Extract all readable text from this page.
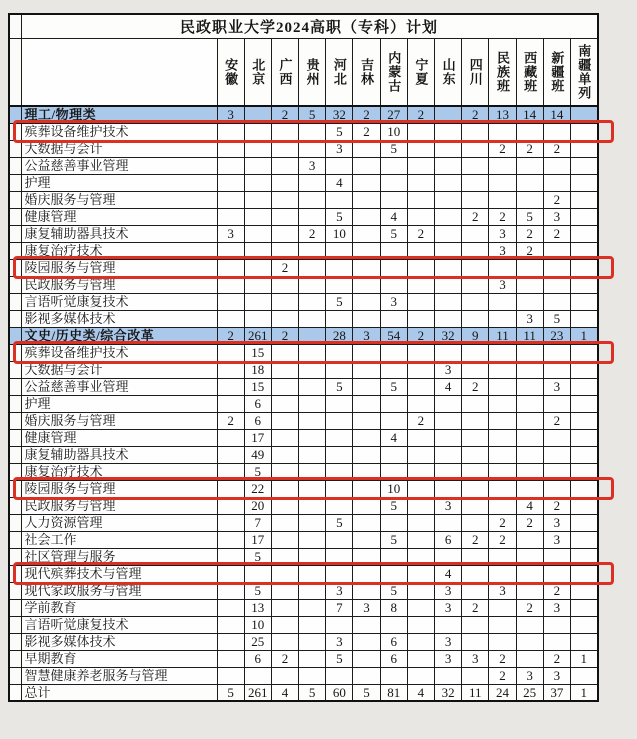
	民政职业大学2024高职（专科）计划														
		安徽	北京	广西	贵州	河北	吉林	内蒙古	宁夏	山东	四川	民族班	西藏班	新疆班	南疆单列
	理工/物理类	3		2	5	32	2	27	2		2	13	14	14	
	殡葬设备维护技术					5	2	10							
	大数据与会计					3		5				2	2	2	
	公益慈善事业管理				3										
	护理					4									
	婚庆服务与管理													2	
	健康管理					5		4			2	2	5	3	
	康复辅助器具技术	3			2	10		5	2			3	2	2	
	康复治疗技术											3	2		
	陵园服务与管理			2											
	民政服务与管理											3			
	言语听觉康复技术					5		3							
	影视多媒体技术												3	5	
	文史/历史类/综合改革	2	261	2		28	3	54	2	32	9	11	11	23	1
	殡葬设备维护技术		15												
	大数据与会计		18							3					
	公益慈善事业管理		15			5		5		4	2			3	
	护理		6												
	婚庆服务与管理	2	6						2					2	
	健康管理		17					4							
	康复辅助器具技术		49												
	康复治疗技术		5												
	陵园服务与管理		22					10							
	民政服务与管理		20					5		3			4	2	
	人力资源管理		7			5						2	2	3	
	社会工作		17					5		6	2	2		3	
	社区管理与服务		5												
	现代殡葬技术与管理									4					
	现代家政服务与管理		5			3		5		3		3		2	
	学前教育		13			7	3	8		3	2		2	3	
	言语听觉康复技术		10												
	影视多媒体技术		25			3		6		3					
	早期教育		6	2		5		6		3	3	2		2	1
	智慧健康养老服务与管理											2	3	3	
	总计	5	261	4	5	60	5	81	4	32	11	24	25	37	1
